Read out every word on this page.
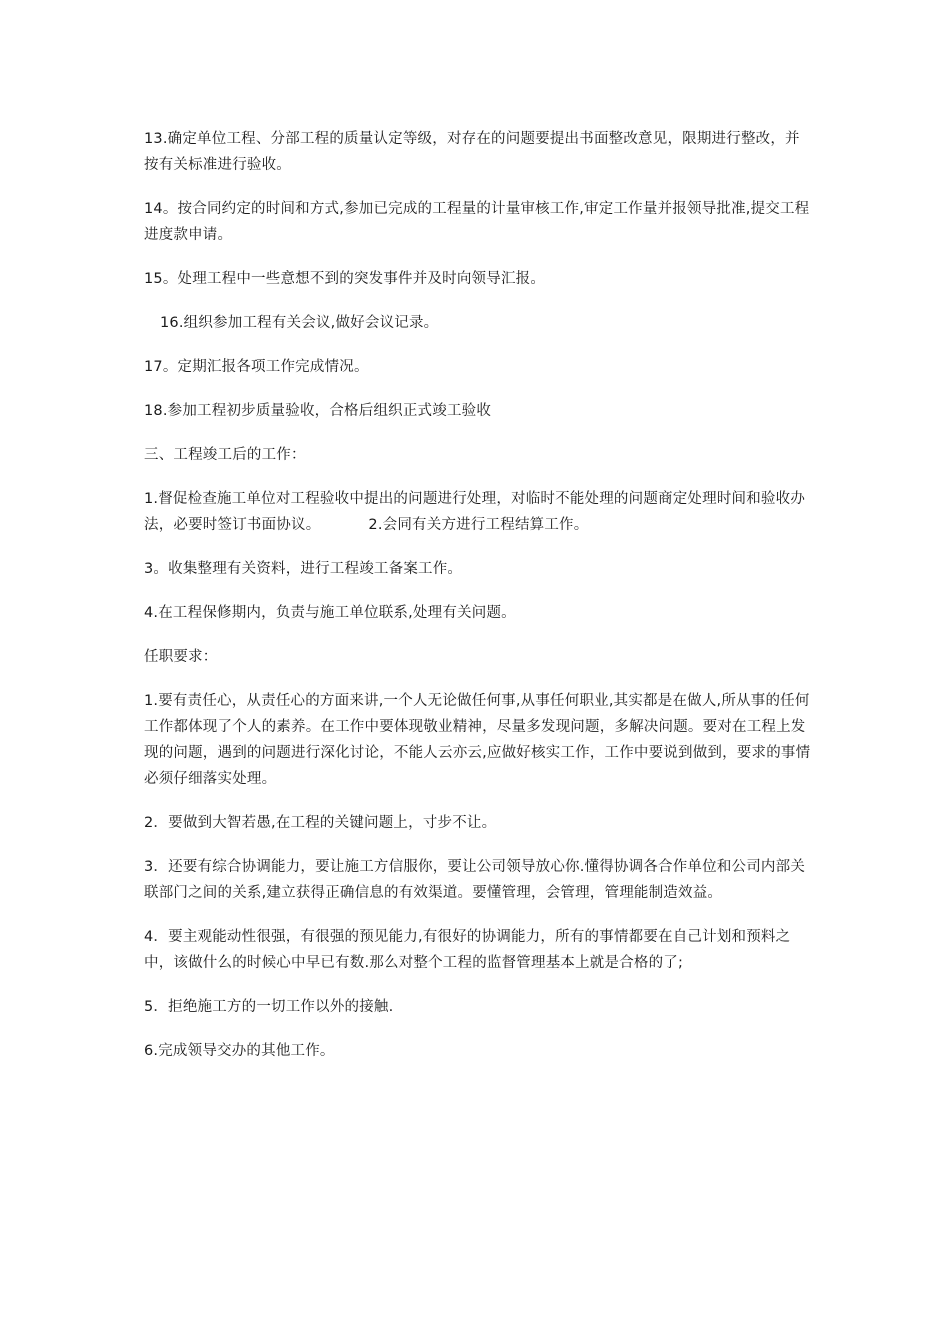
13.确定单位工程、分部工程的质量认定等级，对存在的问题要提出书面整改意见，限期进行整改，并按有关标准进行验收。

14。按合同约定的时间和方式,参加已完成的工程量的计量审核工作,审定工作量并报领导批准,提交工程进度款申请。

15。处理工程中一些意想不到的突发事件并及时向领导汇报。

16.组织参加工程有关会议,做好会议记录。

17。定期汇报各项工作完成情况。

18.参加工程初步质量验收，合格后组织正式竣工验收

三、工程竣工后的工作：

1.督促检查施工单位对工程验收中提出的问题进行处理，对临时不能处理的问题商定处理时间和验收办法，必要时签订书面协议。	2.会同有关方进行工程结算工作。

3。收集整理有关资料，进行工程竣工备案工作。

4.在工程保修期内，负责与施工单位联系,处理有关问题。

任职要求：

1.要有责任心，从责任心的方面来讲,一个人无论做任何事,从事任何职业,其实都是在做人,所从事的任何工作都体现了个人的素养。在工作中要体现敬业精神，尽量多发现问题，多解决问题。要对在工程上发现的问题，遇到的问题进行深化讨论，不能人云亦云,应做好核实工作，工作中要说到做到，要求的事情必须仔细落实处理。

2．要做到大智若愚,在工程的关键问题上，寸步不让。

3．还要有综合协调能力，要让施工方信服你，要让公司领导放心你.懂得协调各合作单位和公司内部关联部门之间的关系,建立获得正确信息的有效渠道。要懂管理，会管理，管理能制造效益。

4．要主观能动性很强，有很强的预见能力,有很好的协调能力，所有的事情都要在自己计划和预料之中，该做什么的时候心中早已有数.那么对整个工程的监督管理基本上就是合格的了;

5．拒绝施工方的一切工作以外的接触.

6.完成领导交办的其他工作。
